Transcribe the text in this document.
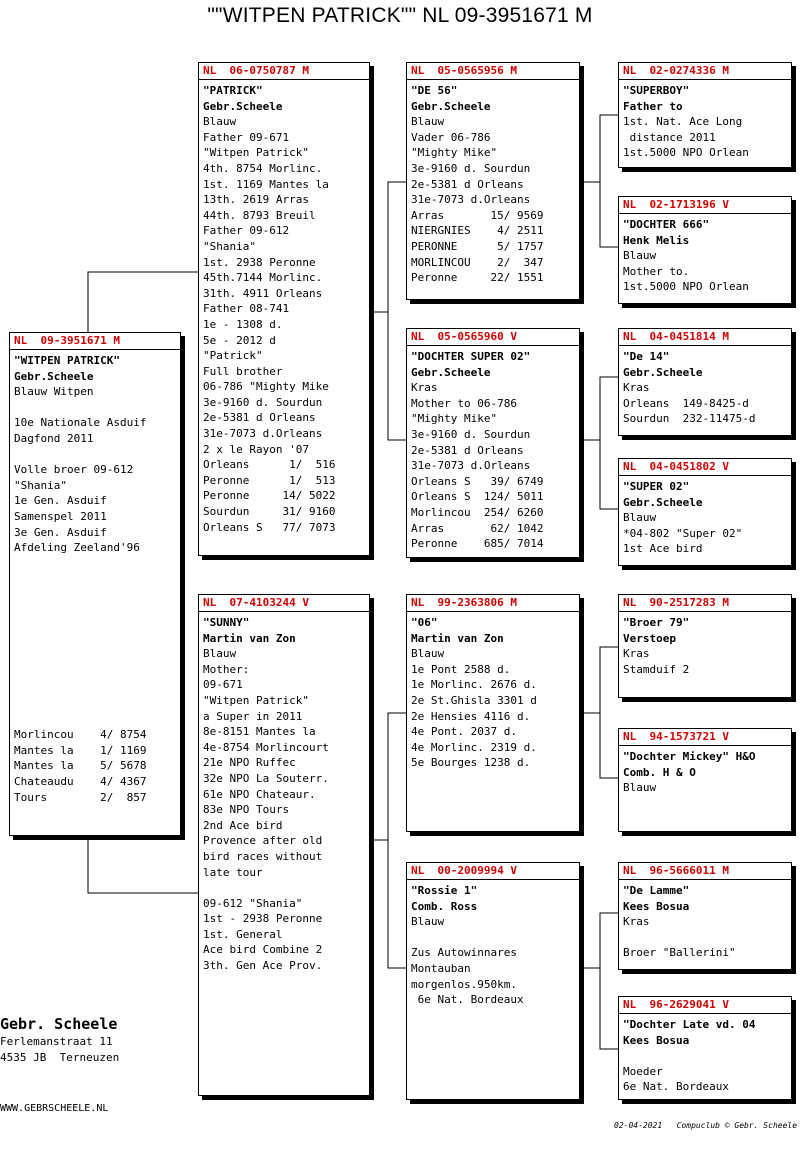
""WITPEN PATRICK"" NL 09-3951671 M
NL  09-3951671 M
"WITPEN PATRICK"
Gebr.Scheele
Blauw Witpen
10e Nationale Asduif
Dagfond 2011
Volle broer 09-612
"Shania"
1e Gen. Asduif
Samenspel 2011
3e Gen. Asduif
Afdeling Zeeland'96
Morlincou    4/ 8754
Mantes la    1/ 1169
Mantes la    5/ 5678
Chateaudu    4/ 4367
Tours        2/  857
NL  06-0750787 M
"PATRICK"
Gebr.Scheele
Blauw
Father 09-671
"Witpen Patrick"
4th. 8754 Morlinc.
1st. 1169 Mantes la
13th. 2619 Arras
44th. 8793 Breuil
Father 09-612
"Shania"
1st. 2938 Peronne
45th.7144 Morlinc.
31th. 4911 Orleans
Father 08-741
1e - 1308 d.
5e - 2012 d
"Patrick"
Full brother
06-786 "Mighty Mike
3e-9160 d. Sourdun
2e-5381 d Orleans
31e-7073 d.Orleans
2 x le Rayon '07
Orleans      1/  516
Peronne      1/  513
Peronne     14/ 5022
Sourdun     31/ 9160
Orleans S   77/ 7073
NL  07-4103244 V
"SUNNY"
Martin van Zon
Blauw
Mother:
09-671
"Witpen Patrick"
a Super in 2011
8e-8151 Mantes la
4e-8754 Morlincourt
21e NPO Ruffec
32e NPO La Souterr.
61e NPO Chateaur.
83e NPO Tours
2nd Ace bird
Provence after old
bird races without
late tour
09-612 "Shania"
1st - 2938 Peronne
1st. General
Ace bird Combine 2
3th. Gen Ace Prov.
NL  05-0565956 M
"DE 56"
Gebr.Scheele
Blauw
Vader 06-786
"Mighty Mike"
3e-9160 d. Sourdun
2e-5381 d Orleans
31e-7073 d.Orleans
Arras       15/ 9569
NIERGNIES    4/ 2511
PERONNE      5/ 1757
MORLINCOU    2/  347
Peronne     22/ 1551
NL  05-0565960 V
"DOCHTER SUPER 02"
Gebr.Scheele
Kras
Mother to 06-786
"Mighty Mike"
3e-9160 d. Sourdun
2e-5381 d Orleans
31e-7073 d.Orleans
Orleans S   39/ 6749
Orleans S  124/ 5011
Morlincou  254/ 6260
Arras       62/ 1042
Peronne    685/ 7014
NL  99-2363806 M
"06"
Martin van Zon
Blauw
1e Pont 2588 d.
1e Morlinc. 2676 d.
2e St.Ghisla 3301 d
2e Hensies 4116 d.
4e Pont. 2037 d.
4e Morlinc. 2319 d.
5e Bourges 1238 d.
NL  00-2009994 V
"Rossie 1"
Comb. Ross
Blauw
Zus Autowinnares
Montauban
morgenlos.950km.
6e Nat. Bordeaux
NL  02-0274336 M
"SUPERBOY"
Father to
1st. Nat. Ace Long
distance 2011
1st.5000 NPO Orlean
NL  02-1713196 V
"DOCHTER 666"
Henk Melis
Blauw
Mother to.
1st.5000 NPO Orlean
NL  04-0451814 M
"De 14"
Gebr.Scheele
Kras
Orleans  149-8425-d
Sourdun  232-11475-d
NL  04-0451802 V
"SUPER 02"
Gebr.Scheele
Blauw
*04-802 "Super 02"
1st Ace bird
NL  90-2517283 M
"Broer 79"
Verstoep
Kras
Stamduif 2
NL  94-1573721 V
"Dochter Mickey" H&O
Comb. H & O
Blauw
NL  96-5666011 M
"De Lamme"
Kees Bosua
Kras
Broer "Ballerini"
NL  96-2629041 V
"Dochter Late vd. 04
Kees Bosua
Moeder
6e Nat. Bordeaux
Gebr. Scheele
Ferlemanstraat 11
4535 JB  Terneuzen
WWW.GEBRSCHEELE.NL
02-04-2021   Compuclub © Gebr. Scheele
